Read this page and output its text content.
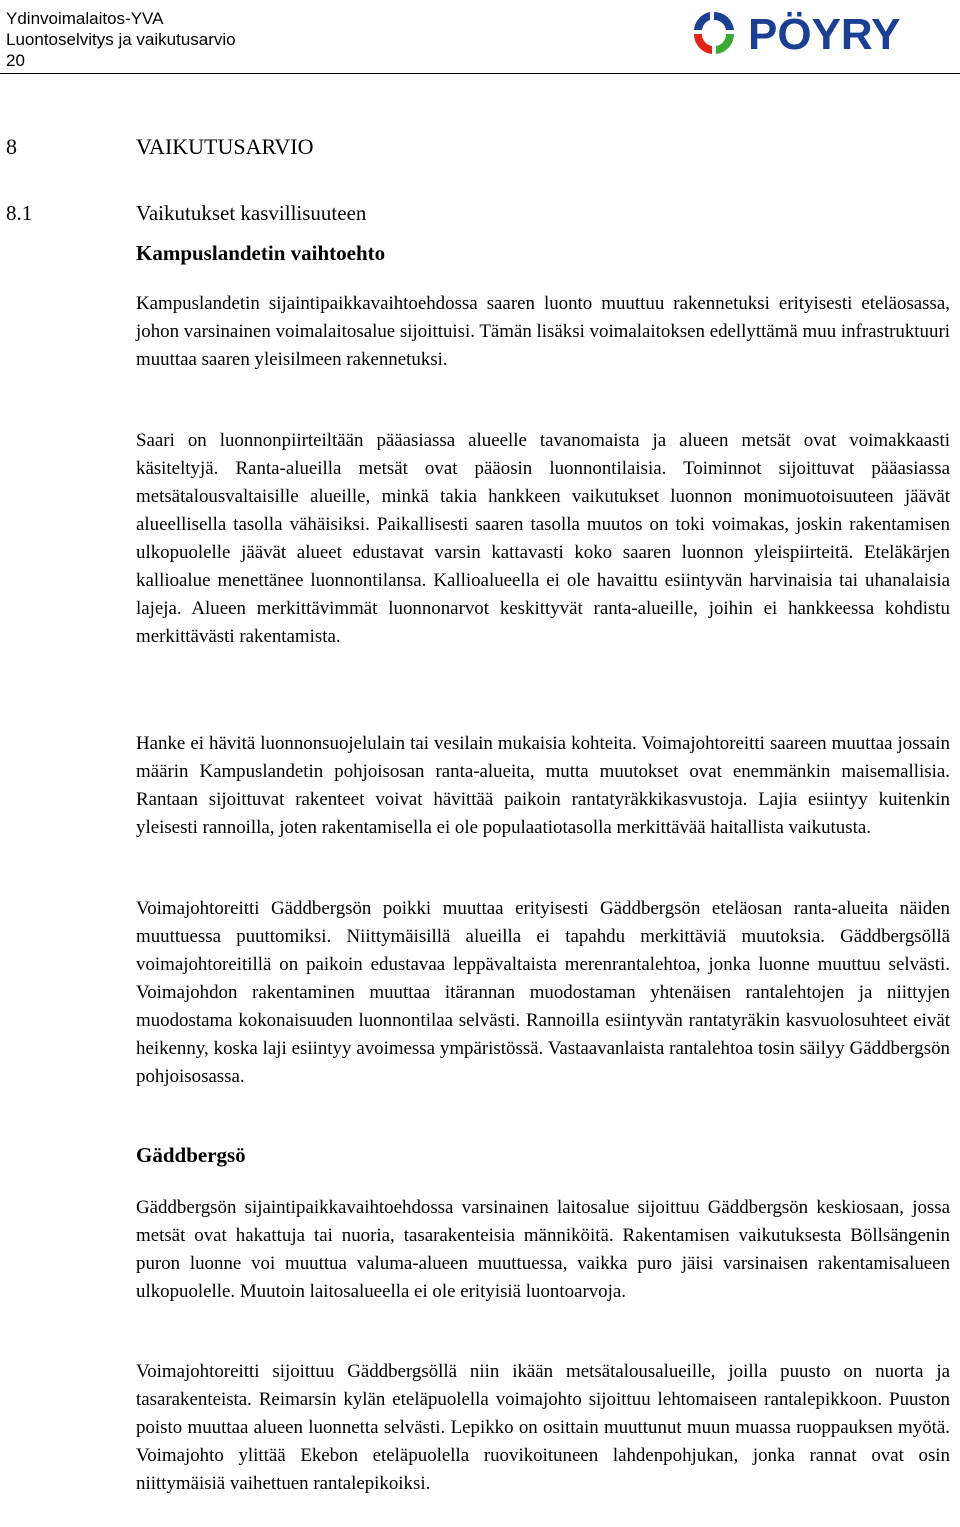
Ydinvoimalaitos-YVA
Luontoselvitys ja vaikutusarvio
20
PÖYRY
8	VAIKUTUSARVIO
8.1	Vaikutukset kasvillisuuteen
Kampuslandetin vaihtoehto

Kampuslandetin sijaintipaikkavaihtoehdossa saaren luonto muuttuu rakennetuksi erityisesti eteläosassa, johon varsinainen voimalaitosalue sijoittuisi. Tämän lisäksi voimalaitoksen edellyttämä muu infrastruktuuri muuttaa saaren yleisilmeen rakennetuksi.

Saari on luonnonpiirteiltään pääasiassa alueelle tavanomaista ja alueen metsät ovat voimakkaasti käsiteltyjä. Ranta-alueilla metsät ovat pääosin luonnontilaisia. Toiminnot sijoittuvat pääasiassa metsätalousvaltaisille alueille, minkä takia hankkeen vaikutukset luonnon monimuotoisuuteen jäävät alueellisella tasolla vähäisiksi. Paikallisesti saaren tasolla muutos on toki voimakas, joskin rakentamisen ulkopuolelle jäävät alueet edustavat varsin kattavasti koko saaren luonnon yleispiirteitä. Eteläkärjen kallioalue menettänee luonnontilansa. Kallioalueella ei ole havaittu esiintyvän harvinaisia tai uhanalaisia lajeja. Alueen merkittävimmät luonnonarvot keskittyvät ranta-alueille, joihin ei hankkeessa kohdistu merkittävästi rakentamista.

Hanke ei hävitä luonnonsuojelulain tai vesilain mukaisia kohteita. Voimajohtoreitti saareen muuttaa jossain määrin Kampuslandetin pohjoisosan ranta-alueita, mutta muutokset ovat enemmänkin maisemallisia. Rantaan sijoittuvat rakenteet voivat hävittää paikoin rantatyräkkikasvustoja. Lajia esiintyy kuitenkin yleisesti rannoilla, joten rakentamisella ei ole populaatiotasolla merkittävää haitallista vaikutusta.

Voimajohtoreitti Gäddbergsön poikki muuttaa erityisesti Gäddbergsön eteläosan ranta-alueita näiden muuttuessa puuttomiksi. Niittymäisillä alueilla ei tapahdu merkittäviä muutoksia. Gäddbergsöllä voimajohtoreitillä on paikoin edustavaa leppävaltaista merenrantalehtoa, jonka luonne muuttuu selvästi. Voimajohdon rakentaminen muuttaa itärannan muodostaman yhtenäisen rantalehtojen ja niittyjen muodostama kokonaisuuden luonnontilaa selvästi. Rannoilla esiintyvän rantatyräkin kasvuolosuhteet eivät heikenny, koska laji esiintyy avoimessa ympäristössä. Vastaavanlaista rantalehtoa tosin säilyy Gäddbergsön pohjoisosassa.

Gäddbergsö

Gäddbergsön sijaintipaikkavaihtoehdossa varsinainen laitosalue sijoittuu Gäddbergsön keskiosaan, jossa metsät ovat hakattuja tai nuoria, tasarakenteisia männiköitä. Rakentamisen vaikutuksesta Böllsängenin puron luonne voi muuttua valuma-alueen muuttuessa, vaikka puro jäisi varsinaisen rakentamisalueen ulkopuolelle. Muutoin laitosalueella ei ole erityisiä luontoarvoja.

Voimajohtoreitti sijoittuu Gäddbergsöllä niin ikään metsätalousalueille, joilla puusto on nuorta ja tasarakenteista. Reimarsin kylän eteläpuolella voimajohto sijoittuu lehtomaiseen rantalepikkoon. Puuston poisto muuttaa alueen luonnetta selvästi. Lepikko on osittain muuttunut muun muassa ruoppauksen myötä. Voimajohto ylittää Ekebon eteläpuolella ruovikoituneen lahdenpohjukan, jonka rannat ovat osin niittymäisiä vaihettuen rantalepikoiksi.
